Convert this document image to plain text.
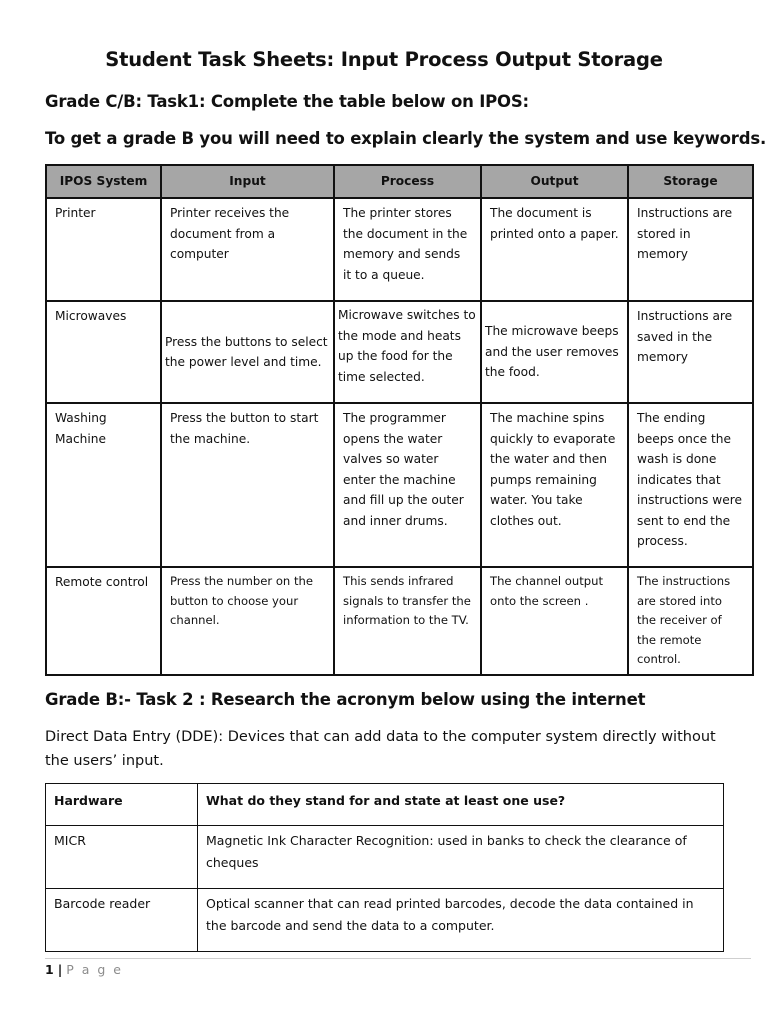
Student Task Sheets: Input Process Output Storage
Grade C/B: Task1: Complete the table below on IPOS:
To get a grade B you will need to explain clearly the system and use keywords.
IPOS System	Input	Process	Output	Storage
Printer	Printer receives the document from a computer	The printer stores the document in the memory and sends it to a queue.	The document is printed onto a paper.	Instructions are stored in memory
Microwaves	Press the buttons to select the power level and time.	Microwave switches to the mode and heats up the food for the time selected.	The microwave beeps and the user removes the food.	Instructions are saved in the memory
Washing Machine	Press the button to start the machine.	The programmer opens the water valves so water enter the machine and fill up the outer and inner drums.	The machine spins quickly to evaporate the water and then pumps remaining water. You take clothes out.	The ending beeps once the wash is done indicates that instructions were sent to end the process.
Remote control	Press the number on the button to choose your channel.	This sends infrared signals to transfer the information to the TV.	The channel output onto the screen .	The instructions are stored into the receiver of the remote control.
Grade B:- Task 2 : Research the acronym below using the internet
Direct Data Entry (DDE): Devices that can add data to the computer system directly without the users’ input.
Hardware	What do they stand for and state at least one use?
MICR	Magnetic Ink Character Recognition: used in banks to check the clearance of cheques
Barcode reader	Optical scanner that can read printed barcodes, decode the data contained in the barcode and send the data to a computer.
1 | P a g e
